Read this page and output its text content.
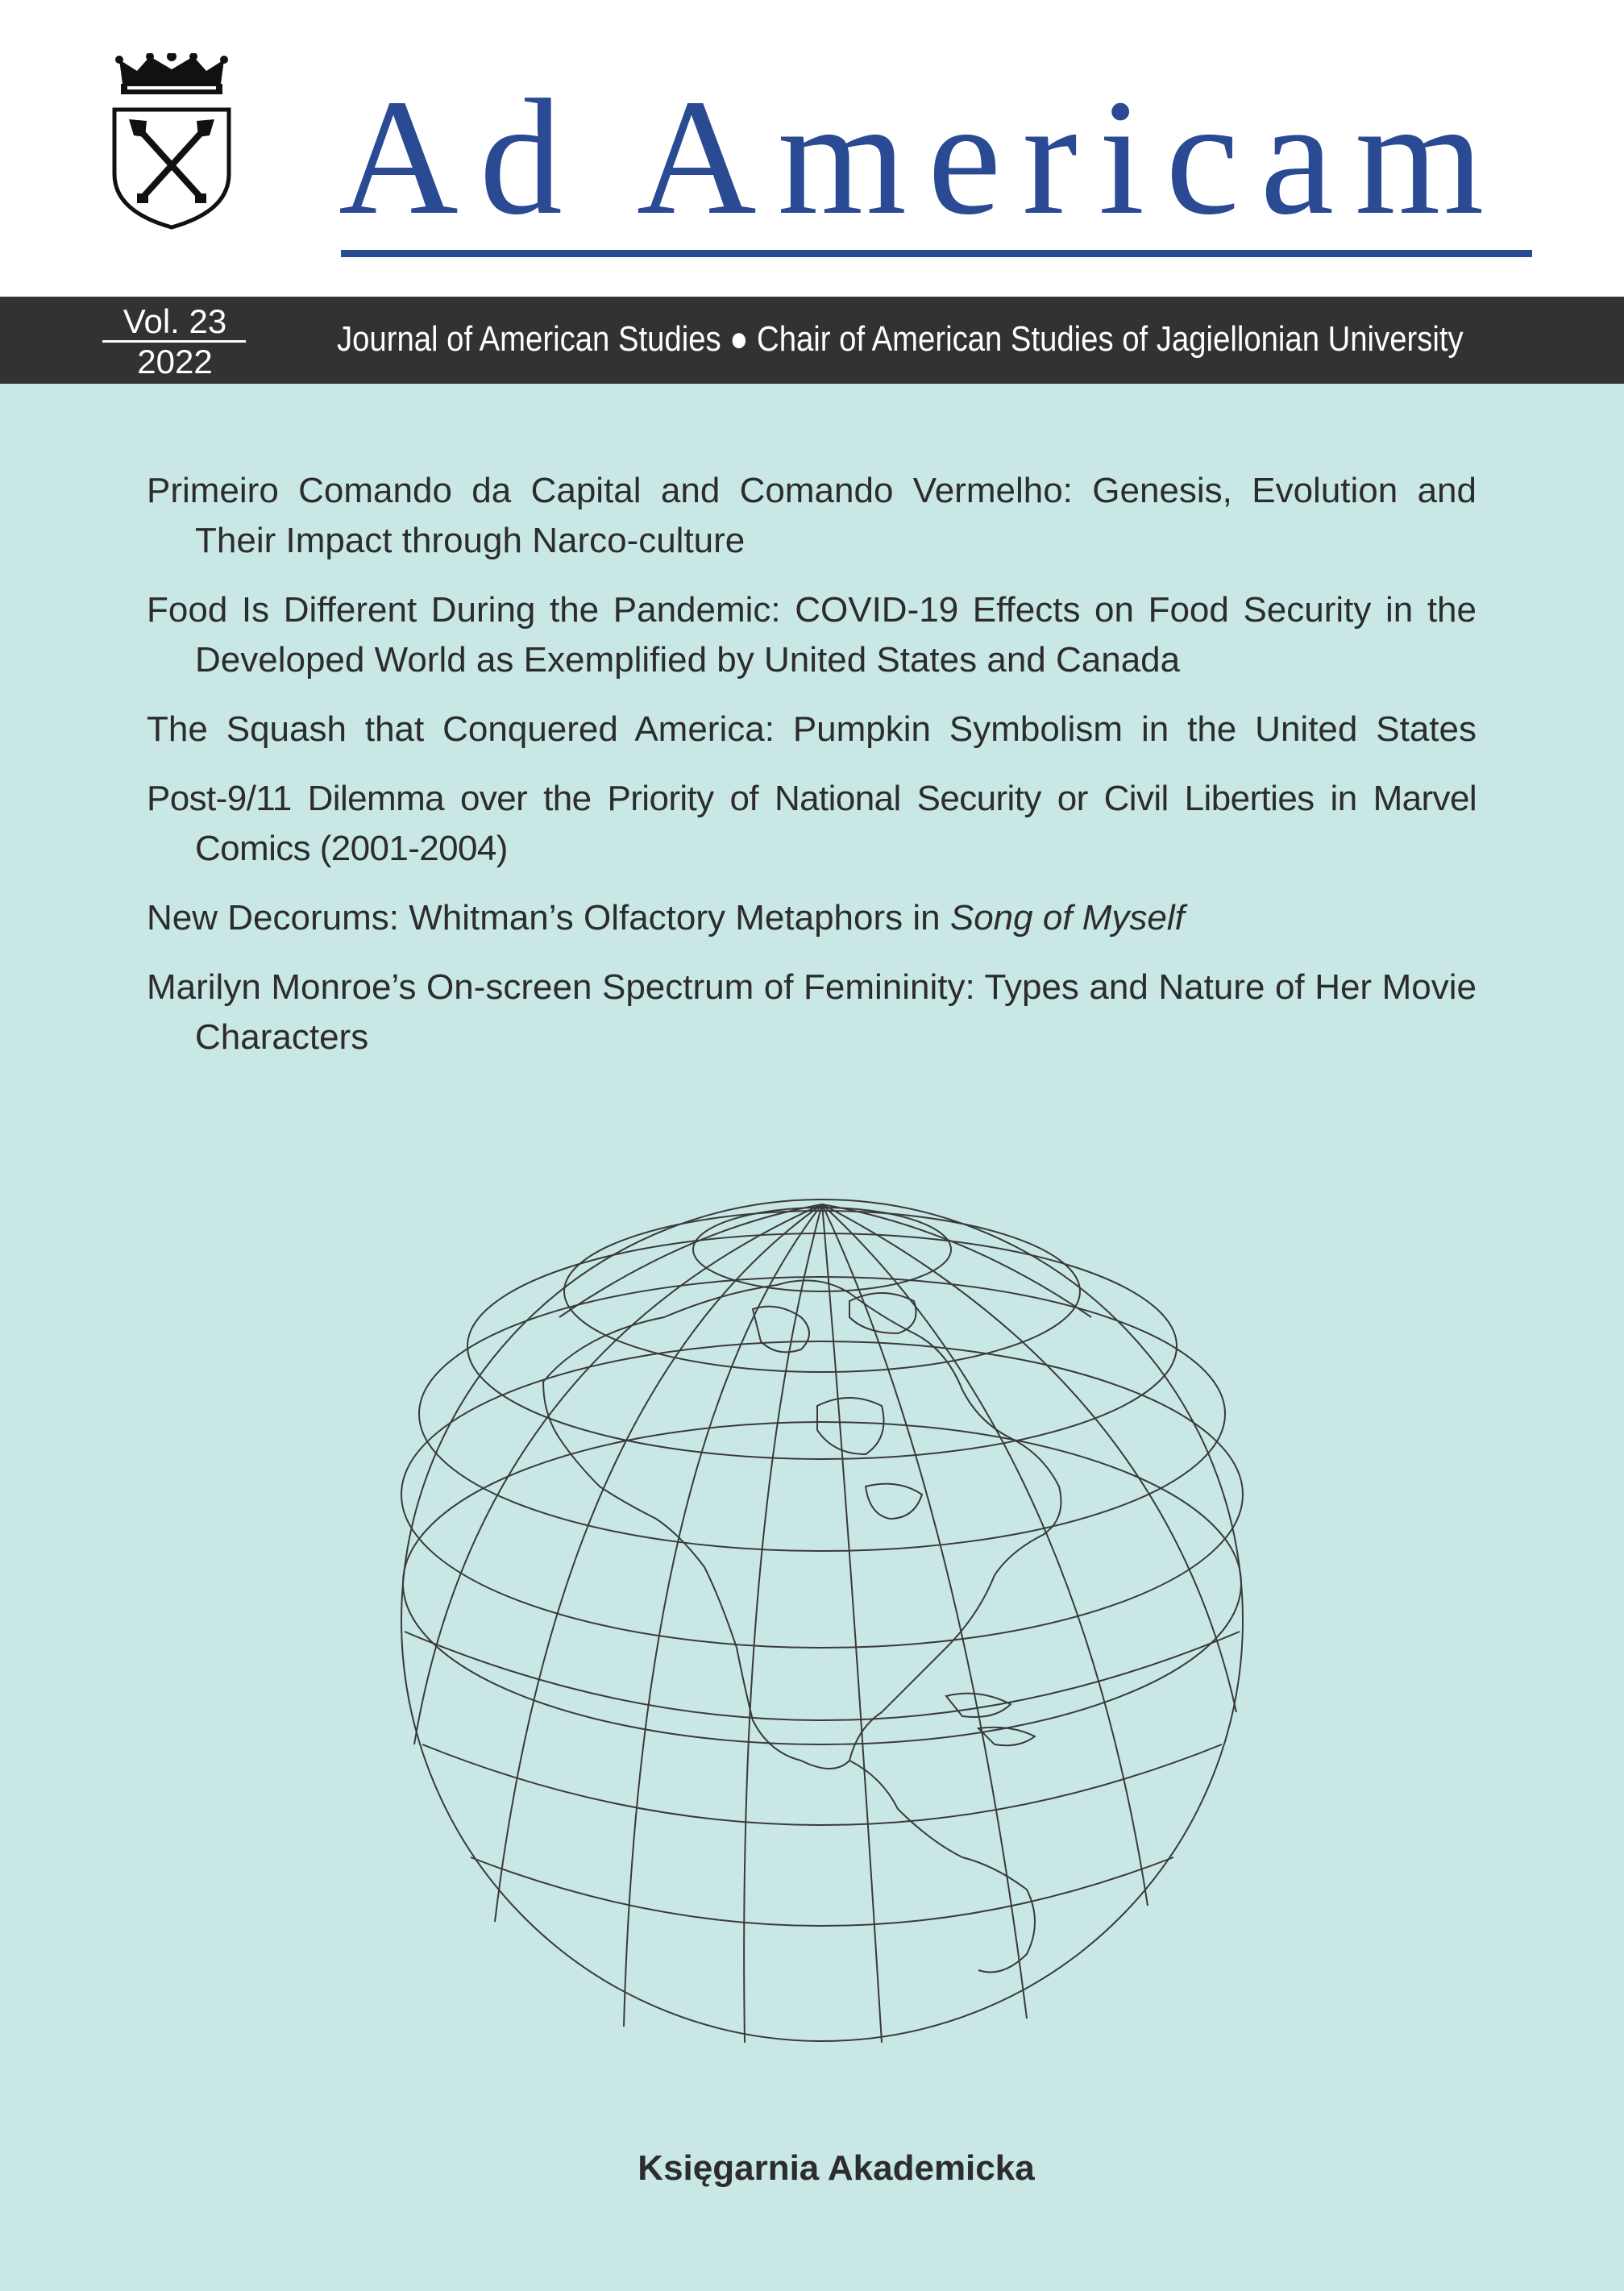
Ad Americam
Vol. 23
2022
Journal of American Studies ● Chair of American Studies of Jagiellonian University
Primeiro Comando da Capital and Comando Vermelho: Genesis, Evolution and Their Impact through Narco-culture
Food Is Different During the Pandemic: COVID-19 Effects on Food Security in the Developed World as Exemplified by United States and Canada
The Squash that Conquered America: Pumpkin Symbolism in the United States
Post-9/11 Dilemma over the Priority of National Security or Civil Liberties in Marvel Comics (2001-2004)
New Decorums: Whitman’s Olfactory Metaphors in Song of Myself
Marilyn Monroe’s On-screen Spectrum of Femininity: Types and Nature of Her Movie Characters
Księgarnia Akademicka
